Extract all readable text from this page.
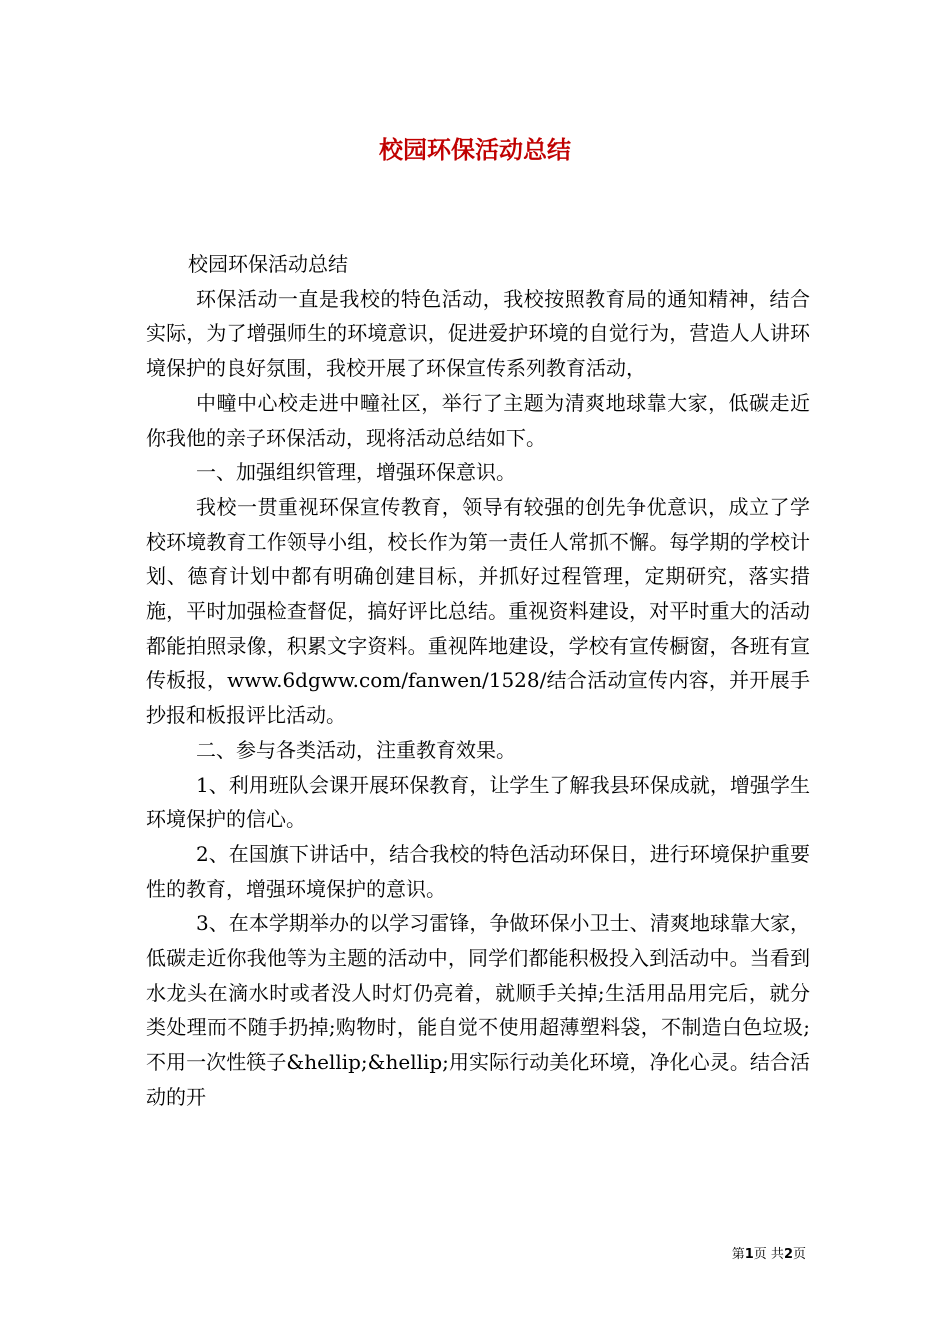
校园环保活动总结

校园环保活动总结

环保活动一直是我校的特色活动，我校按照教育局的通知精神，结合实际，为了增强师生的环境意识，促进爱护环境的自觉行为，营造人人讲环境保护的良好氛围，我校开展了环保宣传系列教育活动，

中疃中心校走进中疃社区，举行了主题为清爽地球靠大家，低碳走近你我他的亲子环保活动，现将活动总结如下。

一、加强组织管理，增强环保意识。

我校一贯重视环保宣传教育，领导有较强的创先争优意识，成立了学校环境教育工作领导小组，校长作为第一责任人常抓不懈。每学期的学校计划、德育计划中都有明确创建目标，并抓好过程管理，定期研究，落实措施，平时加强检查督促，搞好评比总结。重视资料建设，对平时重大的活动都能拍照录像，积累文字资料。重视阵地建设，学校有宣传橱窗，各班有宣传板报，www.6dgww.com/fanwen/1528/结合活动宣传内容，并开展手抄报和板报评比活动。

二、参与各类活动，注重教育效果。

1、利用班队会课开展环保教育，让学生了解我县环保成就，增强学生环境保护的信心。

2、在国旗下讲话中，结合我校的特色活动环保日，进行环境保护重要性的教育，增强环境保护的意识。

3、在本学期举办的以学习雷锋，争做环保小卫士、清爽地球靠大家，低碳走近你我他等为主题的活动中，同学们都能积极投入到活动中。当看到水龙头在滴水时或者没人时灯仍亮着，就顺手关掉;生活用品用完后，就分类处理而不随手扔掉;购物时，能自觉不使用超薄塑料袋，不制造白色垃圾;不用一次性筷子&hellip;&hellip;用实际行动美化环境，净化心灵。结合活动的开

第1页 共2页
